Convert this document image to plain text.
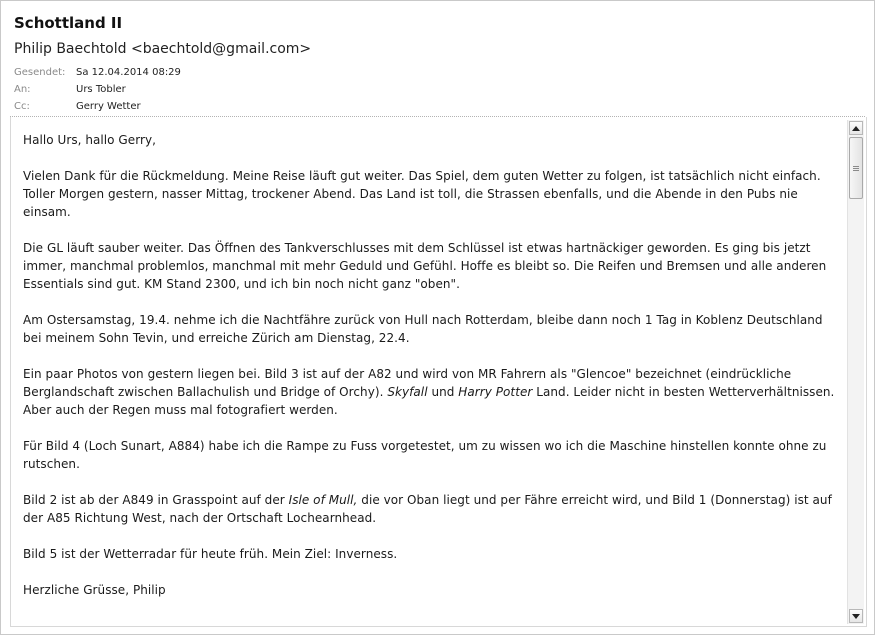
Schottland II
Philip Baechtold <baechtold@gmail.com>
Gesendet:	Sa 12.04.2014 08:29
An:	Urs Tobler
Cc:	Gerry Wetter

Hallo Urs, hallo Gerry,

Vielen Dank für die Rückmeldung. Meine Reise läuft gut weiter. Das Spiel, dem guten Wetter zu folgen, ist tatsächlich nicht einfach. Toller Morgen gestern, nasser Mittag, trockener Abend. Das Land ist toll, die Strassen ebenfalls, und die Abende in den Pubs nie einsam.

Die GL läuft sauber weiter. Das Öffnen des Tankverschlusses mit dem Schlüssel ist etwas hartnäckiger geworden. Es ging bis jetzt immer, manchmal problemlos, manchmal mit mehr Geduld und Gefühl. Hoffe es bleibt so. Die Reifen und Bremsen und alle anderen Essentials sind gut. KM Stand 2300, und ich bin noch nicht ganz "oben".

Am Ostersamstag, 19.4. nehme ich die Nachtfähre zurück von Hull nach Rotterdam, bleibe dann noch 1 Tag in Koblenz Deutschland bei meinem Sohn Tevin, und erreiche Zürich am Dienstag, 22.4.

Ein paar Photos von gestern liegen bei. Bild 3 ist auf der A82 und wird von MR Fahrern als "Glencoe" bezeichnet (eindrückliche Berglandschaft zwischen Ballachulish und Bridge of Orchy). Skyfall und Harry Potter Land. Leider nicht in besten Wetterverhältnissen. Aber auch der Regen muss mal fotografiert werden.

Für Bild 4 (Loch Sunart, A884) habe ich die Rampe zu Fuss vorgetestet, um zu wissen wo ich die Maschine hinstellen konnte ohne zu rutschen.

Bild 2 ist ab der A849 in Grasspoint auf der Isle of Mull, die vor Oban liegt und per Fähre erreicht wird, und Bild 1 (Donnerstag) ist auf der A85 Richtung West, nach der Ortschaft Lochearnhead.

Bild 5 ist der Wetterradar für heute früh. Mein Ziel: Inverness.

Herzliche Grüsse, Philip
